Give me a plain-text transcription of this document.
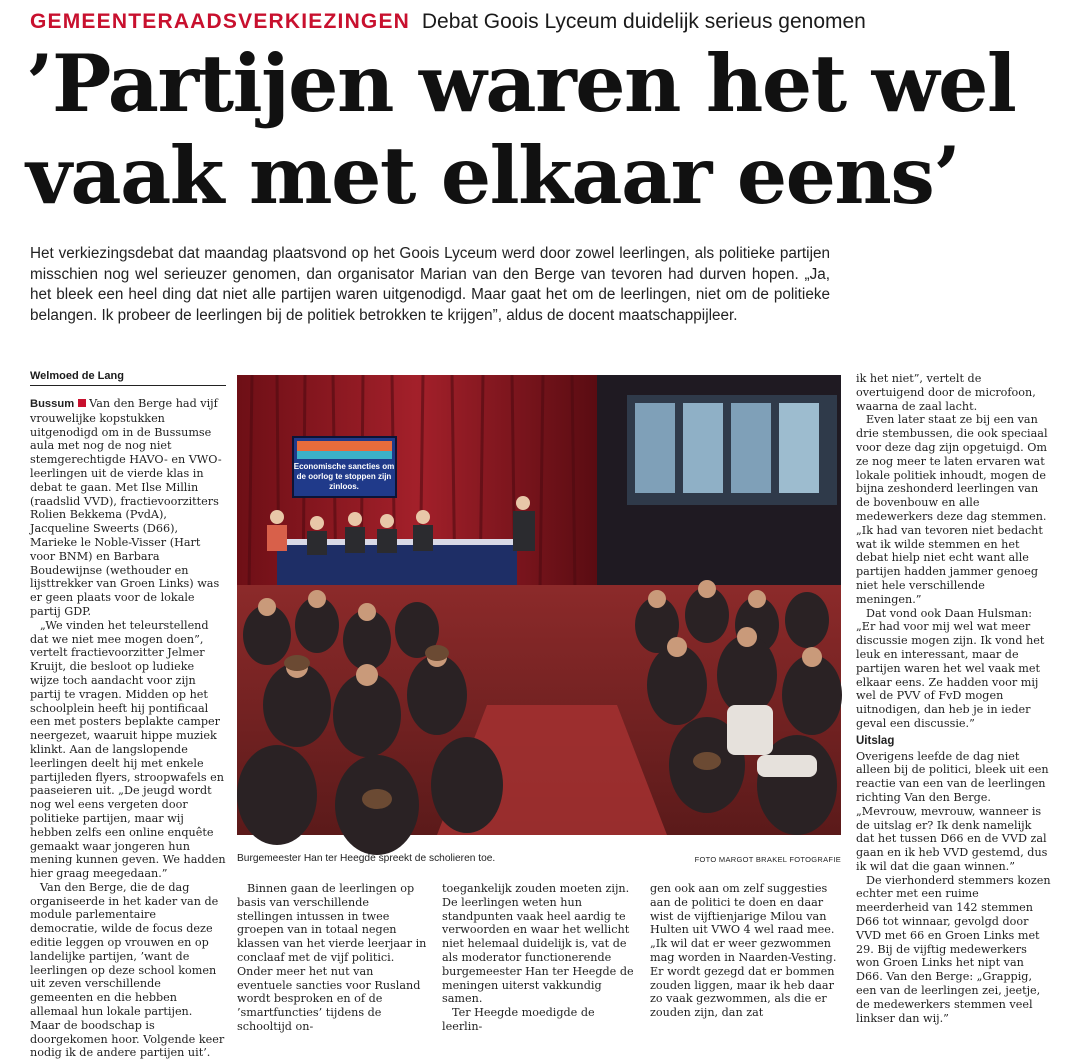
GEMEENTERAADSVERKIEZINGEN Debat Goois Lyceum duidelijk serieus genomen
’Partijen waren het wel
vaak met elkaar eens’
Het verkiezingsdebat dat maandag plaatsvond op het Goois Lyceum werd door zowel leerlingen, als politieke partijen misschien nog wel serieuzer genomen, dan organisator Marian van den Berge van tevoren had durven hopen. „Ja, het bleek een heel ding dat niet alle partijen waren uitgenodigd. Maar gaat het om de leerlingen, niet om de politieke belangen. Ik probeer de leerlingen bij de politiek betrokken te krijgen”, aldus de docent maatschappijleer.
Welmoed de Lang

Bussum Van den Berge had vijf vrouwelijke kopstukken uitgenodigd om in de Bussumse aula met nog de nog niet stemgerechtigde HAVO- en VWO-leerlingen uit de vierde klas in debat te gaan. Met Ilse Millin (raadslid VVD), fractievoorzitters Rolien Bekkema (PvdA), Jacqueline Sweerts (D66), Marieke le Noble-Visser (Hart voor BNM) en Barbara Boudewijnse (wethouder en lijsttrekker van Groen Links) was er geen plaats voor de lokale partij GDP.

„We vinden het teleurstellend dat we niet mee mogen doen”, vertelt fractievoorzitter Jelmer Kruijt, die besloot op ludieke wijze toch aandacht voor zijn partij te vragen. Midden op het schoolplein heeft hij pontificaal een met posters beplakte camper neergezet, waaruit hippe muziek klinkt. Aan de langslopende leerlingen deelt hij met enkele partijleden flyers, stroopwafels en paaseieren uit. „De jeugd wordt nog wel eens vergeten door politieke partijen, maar wij hebben zelfs een online enquête gemaakt waar jongeren hun mening kunnen geven. We hadden hier graag meegedaan.”

Van den Berge, die de dag organiseerde in het kader van de module parlementaire democratie, wilde de focus deze editie leggen op vrouwen en op landelijke partijen, ’want de leerlingen op deze school komen uit zeven verschillende gemeenten en die hebben allemaal hun lokale partijen. Maar de boodschap is doorgekomen hoor. Volgende keer nodig ik de andere partijen uit’.

Economische sancties om
de oorlog te stoppen zijn
zinloos.
Burgemeester Han ter Heegde spreekt de scholieren toe.	FOTO MARGOT BRAKEL FOTOGRAFIE

Binnen gaan de leerlingen op basis van verschillende stellingen intussen in twee groepen van in totaal negen klassen van het vierde leerjaar in conclaaf met de vijf politici. Onder meer het nut van eventuele sancties voor Rusland wordt besproken en of de ’smartfuncties’ tijdens de schooltijd on-

toegankelijk zouden moeten zijn. De leerlingen weten hun standpunten vaak heel aardig te verwoorden en waar het wellicht niet helemaal duidelijk is, vat de als moderator functionerende burgemeester Han ter Heegde de meningen uiterst vakkundig samen.

Ter Heegde moedigde de leerlin-

gen ook aan om zelf suggesties aan de politici te doen en daar wist de vijftienjarige Milou van Hulten uit VWO 4 wel raad mee. „Ik wil dat er weer gezwommen mag worden in Naarden-Vesting. Er wordt gezegd dat er bommen zouden liggen, maar ik heb daar zo vaak gezwommen, als die er zouden zijn, dan zat

ik het niet”, vertelt de overtuigend door de microfoon, waarna de zaal lacht.

Even later staat ze bij een van drie stembussen, die ook speciaal voor deze dag zijn opgetuigd. Om ze nog meer te laten ervaren wat lokale politiek inhoudt, mogen de bijna zeshonderd leerlingen van de bovenbouw en alle medewerkers deze dag stemmen. „Ik had van tevoren niet bedacht wat ik wilde stemmen en het debat hielp niet echt want alle partijen hadden jammer genoeg niet hele verschillende meningen.”

Dat vond ook Daan Hulsman: „Er had voor mij wel wat meer discussie mogen zijn. Ik vond het leuk en interessant, maar de partijen waren het wel vaak met elkaar eens. Ze hadden voor mij wel de PVV of FvD mogen uitnodigen, dan heb je in ieder geval een discussie.”

Uitslag

Overigens leefde de dag niet alleen bij de politici, bleek uit een reactie van een van de leerlingen richting Van den Berge. „Mevrouw, mevrouw, wanneer is de uitslag er? Ik denk namelijk dat het tussen D66 en de VVD zal gaan en ik heb VVD gestemd, dus ik wil dat die gaan winnen.”

De vierhonderd stemmers kozen echter met een ruime meerderheid van 142 stemmen D66 tot winnaar, gevolgd door VVD met 66 en Groen Links met 29. Bij de vijftig medewerkers won Groen Links het nipt van D66. Van den Berge: „Grappig, een van de leerlingen zei, jeetje, de medewerkers stemmen veel linkser dan wij.”
